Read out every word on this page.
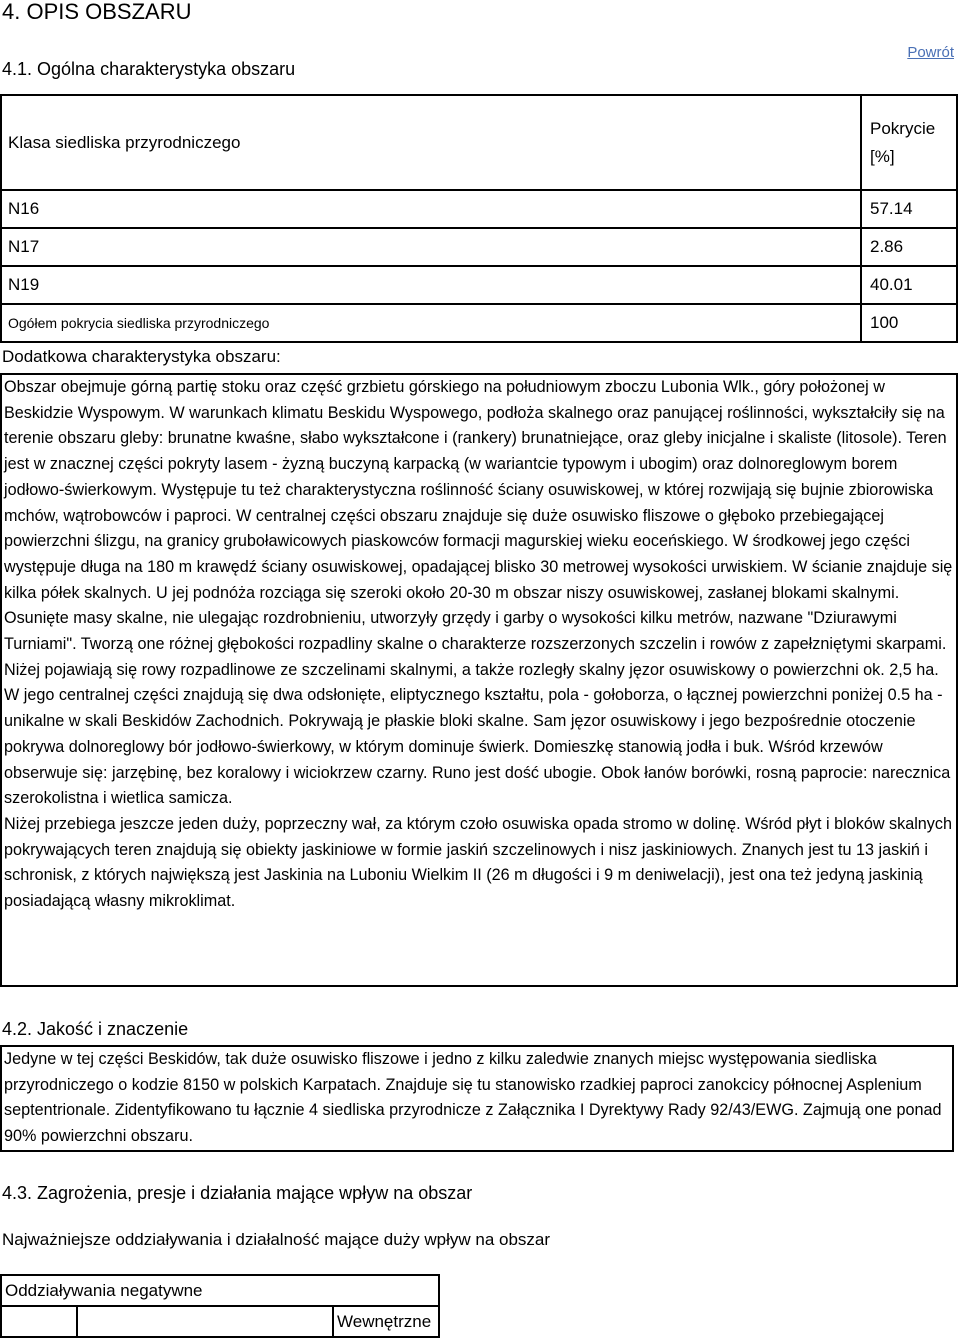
4. OPIS OBSZARU
4.1. Ogólna charakterystyka obszaru
Powrót
Klasa siedliska przyrodniczego	Pokrycie [%]
N16	57.14
N17	2.86
N19	40.01
Ogółem pokrycia siedliska przyrodniczego	100
Dodatkowa charakterystyka obszaru:

Obszar obejmuje górną partię stoku oraz część grzbietu górskiego na południowym zboczu Lubonia Wlk., góry położonej w Beskidzie Wyspowym. W warunkach klimatu Beskidu Wyspowego, podłoża skalnego oraz panującej roślinności, wykształciły się na terenie obszaru gleby: brunatne kwaśne, słabo wykształcone i (rankery) brunatniejące, oraz gleby inicjalne i skaliste (litosole). Teren jest w znacznej części pokryty lasem - żyzną buczyną karpacką (w wariantcie typowym i ubogim) oraz dolnoreglowym borem jodłowo-świerkowym. Występuje tu też charakterystyczna roślinność ściany osuwiskowej, w której rozwijają się bujnie zbiorowiska mchów, wątrobowców i paproci. W centralnej części obszaru znajduje się duże osuwisko fliszowe o głęboko przebiegającej powierzchni ślizgu, na granicy gruboławicowych piaskowców formacji magurskiej wieku eoceńskiego. W środkowej jego części występuje długa na 180 m krawędź ściany osuwiskowej, opadającej blisko 30 metrowej wysokości urwiskiem. W ścianie znajduje się kilka półek skalnych. U jej podnóża rozciąga się szeroki około 20-30 m obszar niszy osuwiskowej, zasłanej blokami skalnymi. Osunięte masy skalne, nie ulegając rozdrobnieniu, utworzyły grzędy i garby o wysokości kilku metrów, nazwane "Dziurawymi Turniami". Tworzą one różnej głębokości rozpadliny skalne o charakterze rozszerzonych szczelin i rowów z zapełzniętymi skarpami. Niżej pojawiają się rowy rozpadlinowe ze szczelinami skalnymi, a także rozległy skalny jęzor osuwiskowy o powierzchni ok. 2,5 ha. W jego centralnej części znajdują się dwa odsłonięte, eliptycznego kształtu, pola - gołoborza, o łącznej powierzchni poniżej 0.5 ha - unikalne w skali Beskidów Zachodnich. Pokrywają je płaskie bloki skalne. Sam jęzor osuwiskowy i jego bezpośrednie otoczenie pokrywa dolnoreglowy bór jodłowo-świerkowy, w którym dominuje świerk. Domieszkę stanowią jodła i buk. Wśród krzewów obserwuje się: jarzębinę, bez koralowy i wiciokrzew czarny. Runo jest dość ubogie. Obok łanów borówki, rosną paprocie: narecznica szerokolistna i wietlica samicza.

Niżej przebiega jeszcze jeden duży, poprzeczny wał, za którym czoło osuwiska opada stromo w dolinę. Wśród płyt i bloków skalnych pokrywających teren znajdują się obiekty jaskiniowe w formie jaskiń szczelinowych i nisz jaskiniowych. Znanych jest tu 13 jaskiń i schronisk, z których największą jest Jaskinia na Luboniu Wielkim II (26 m długości i 9 m deniwelacji), jest ona też jedyną jaskinią posiadającą własny mikroklimat.

4.2. Jakość i znaczenie

Jedyne w tej części Beskidów, tak duże osuwisko fliszowe i jedno z kilku zaledwie znanych miejsc występowania siedliska przyrodniczego o kodzie 8150 w polskich Karpatach. Znajduje się tu stanowisko rzadkiej paproci zanokcicy północnej Asplenium septentrionale. Zidentyfikowano tu łącznie 4 siedliska przyrodnicze z Załącznika I Dyrektywy Rady 92/43/EWG. Zajmują one ponad 90% powierzchni obszaru.

4.3. Zagrożenia, presje i działania mające wpływ na obszar
Najważniejsze oddziaływania i działalność mające duży wpływ na obszar
Oddziaływania negatywne
		Wewnętrzne
